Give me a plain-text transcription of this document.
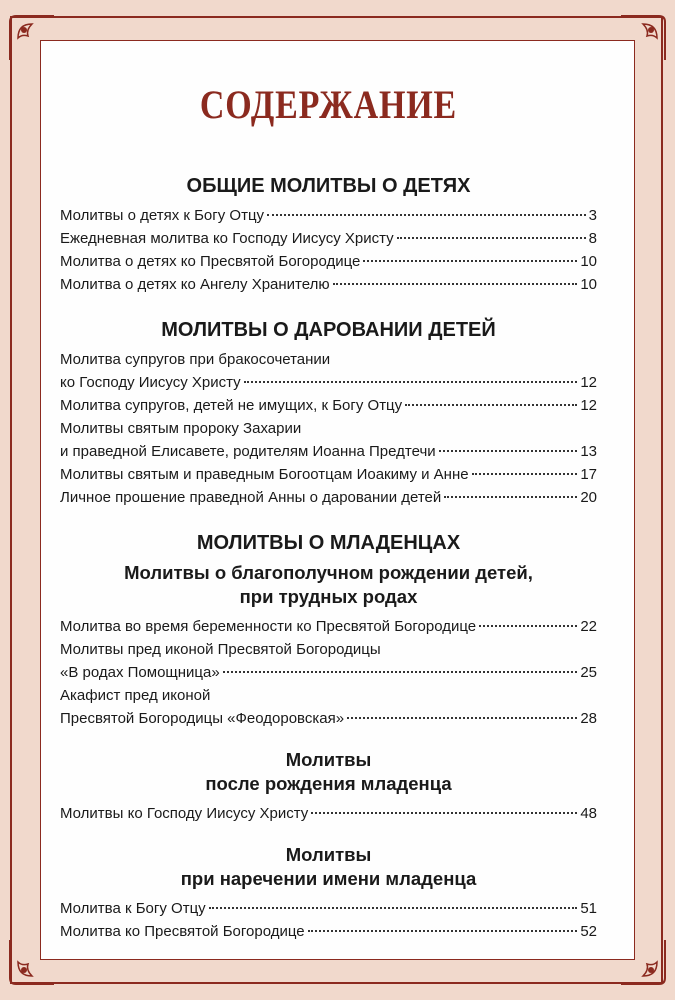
СОДЕРЖАНИЕ
ОБЩИЕ МОЛИТВЫ О ДЕТЯХ
Молитвы о детях к Богу Отцу	3
Ежедневная молитва ко Господу Иисусу Христу	8
Молитва о детях ко Пресвятой Богородице	10
Молитва о детях ко Ангелу Хранителю	10
МОЛИТВЫ О ДАРОВАНИИ ДЕТЕЙ
Молитва супругов при бракосочетании
ко Господу Иисусу Христу	12
Молитва супругов, детей не имущих, к Богу Отцу	12
Молитвы святым пророку Захарии
и праведной Елисавете, родителям Иоанна Предтечи	13
Молитвы святым и праведным Богоотцам Иоакиму и Анне	17
Личное прошение праведной Анны о даровании детей	20
МОЛИТВЫ О МЛАДЕНЦАХ
Молитвы о благополучном рождении детей,
при трудных родах
Молитва во время беременности ко Пресвятой Богородице	22
Молитвы пред иконой Пресвятой Богородицы
«В родах Помощница»	25
Акафист пред иконой
Пресвятой Богородицы «Феодоровская»	28
Молитвы
после рождения младенца
Молитвы ко Господу Иисусу Христу	48
Молитвы
при наречении имени младенца
Молитва к Богу Отцу	51
Молитва ко Пресвятой Богородице	52
